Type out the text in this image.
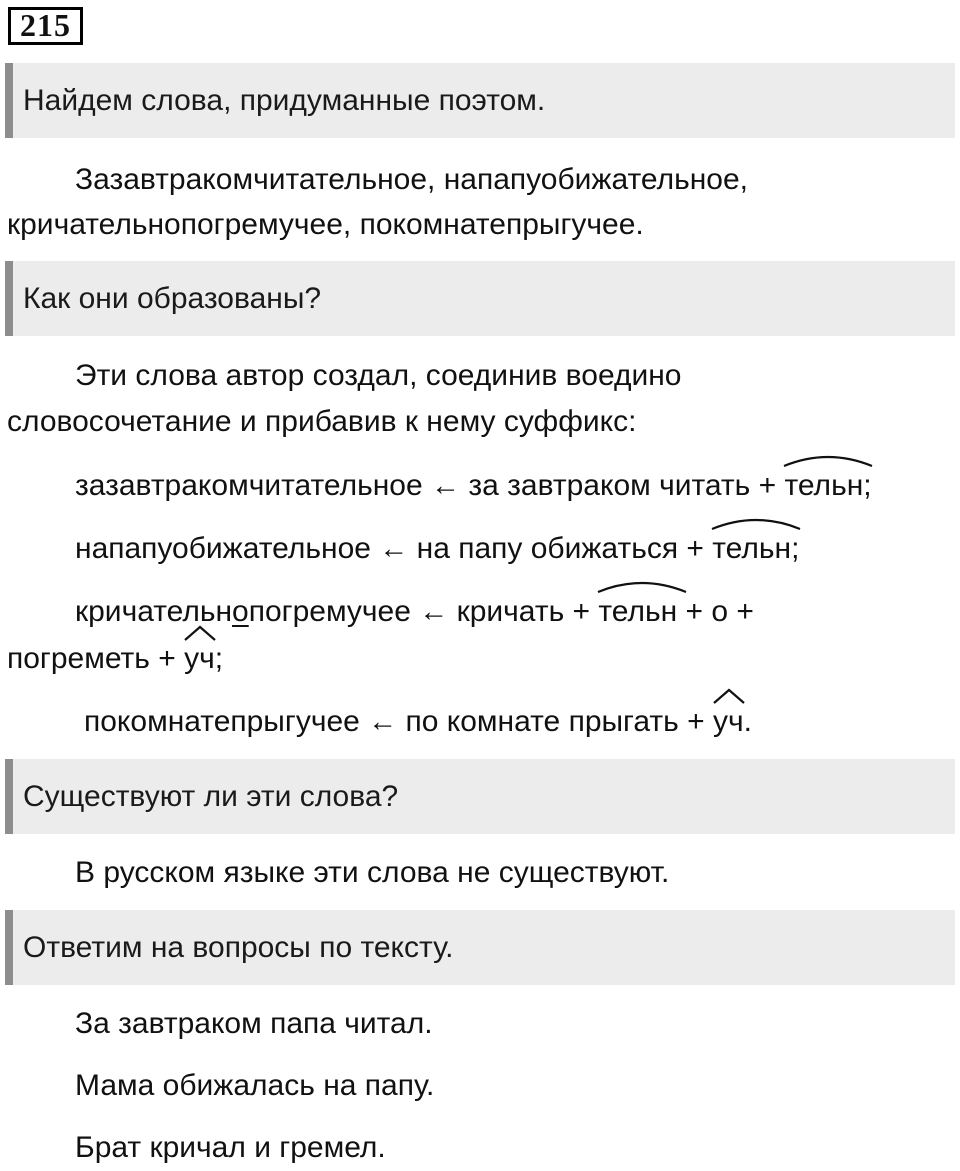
215
Найдем слова, придуманные поэтом.
Зазавтракомчитательное, напапуобижательное,
кричательнопогремучее, покомнатепрыгучее.
Как они образованы?
Эти слова автор создал, соединив воедино
словосочетание и прибавив к нему суффикс:
зазавтракомчитательное ← за завтраком читать + тельн;
напапуобижательное ← на папу обижаться + тельн;
кричательнопогремучее ← кричать + тельн + о +
погреметь + уч;
покомнатепрыгучее ← по комнате прыгать + уч.
Существуют ли эти слова?
В русском языке эти слова не существуют.
Ответим на вопросы по тексту.
За завтраком папа читал.
Мама обижалась на папу.
Брат кричал и гремел.
